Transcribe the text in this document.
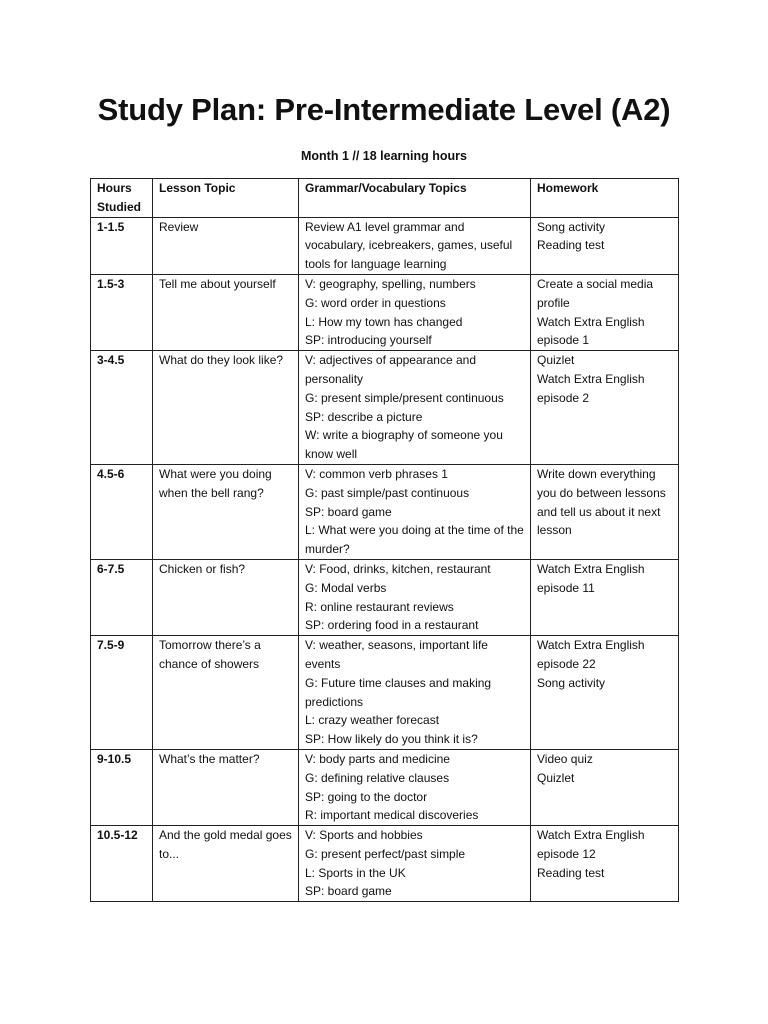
Study Plan: Pre-Intermediate Level (A2)
Month 1 // 18 learning hours
Hours Studied	Lesson Topic	Grammar/Vocabulary Topics	Homework
1-1.5	Review	Review A1 level grammar and vocabulary, icebreakers, games, useful tools for language learning	Song activity
Reading test

1.5-3	Tell me about yourself	V: geography, spelling, numbers
G: word order in questions
L: How my town has changed
SP: introducing yourself	Create a social media profile
Watch Extra English episode 1

3-4.5	What do they look like?	V: adjectives of appearance and personality
G: present simple/present continuous
SP: describe a picture
W: write a biography of someone you know well	Quizlet
Watch Extra English episode 2

4.5-6	What were you doing when the bell rang?	V: common verb phrases 1
G: past simple/past continuous
SP: board game
L: What were you doing at the time of the murder?	Write down everything you do between lessons and tell us about it next lesson

6-7.5	Chicken or fish?	V: Food, drinks, kitchen, restaurant
G: Modal verbs
R: online restaurant reviews
SP: ordering food in a restaurant	Watch Extra English episode 11

7.5-9	Tomorrow there’s a chance of showers	V: weather, seasons, important life events
G: Future time clauses and making predictions
L: crazy weather forecast
SP: How likely do you think it is?	Watch Extra English episode 22
Song activity

9-10.5	What’s the matter?	V: body parts and medicine
G: defining relative clauses
SP: going to the doctor
R: important medical discoveries	Video quiz
Quizlet

10.5-12	And the gold medal goes to...	V: Sports and hobbies
G: present perfect/past simple
L: Sports in the UK
SP: board game	Watch Extra English episode 12
Reading test
